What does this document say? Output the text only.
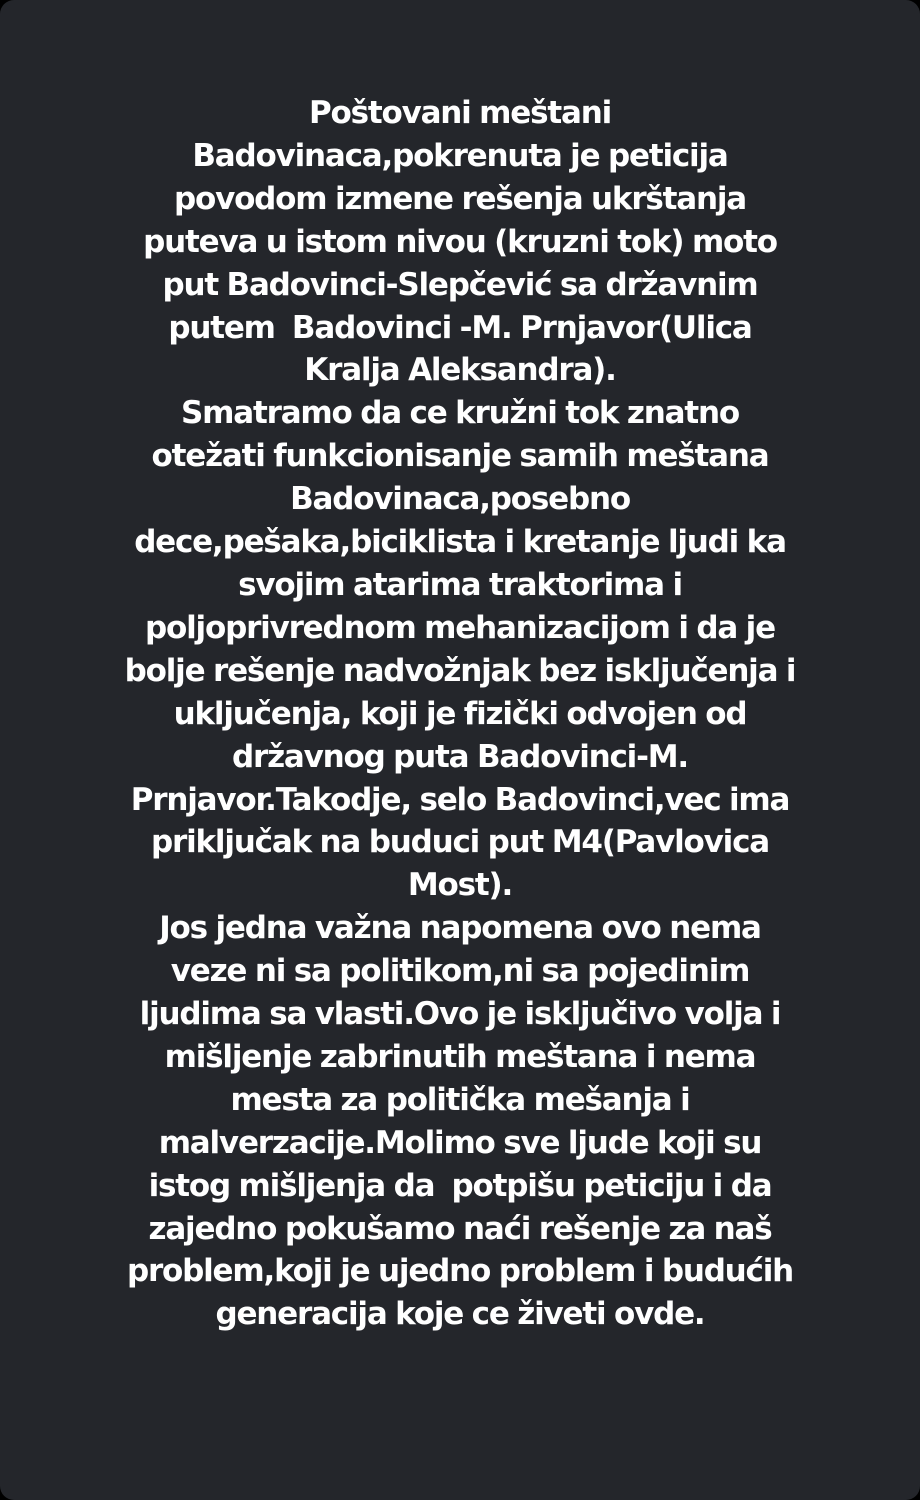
Poštovani meštani
Badovinaca,pokrenuta je peticija
povodom izmene rešenja ukrštanja
puteva u istom nivou (kruzni tok) moto
put Badovinci-Slepčević sa državnim
putem  Badovinci -M. Prnjavor(Ulica
Kralja Aleksandra).
Smatramo da ce kružni tok znatno
otežati funkcionisanje samih meštana
Badovinaca,posebno
dece,pešaka,biciklista i kretanje ljudi ka
svojim atarima traktorima i
poljoprivrednom mehanizacijom i da je
bolje rešenje nadvožnjak bez isključenja i
uključenja, koji je fizički odvojen od
državnog puta Badovinci-M.
Prnjavor.Takodje, selo Badovinci,vec ima
priključak na buduci put M4(Pavlovica
Most).
Jos jedna važna napomena ovo nema
veze ni sa politikom,ni sa pojedinim
ljudima sa vlasti.Ovo je isključivo volja i
mišljenje zabrinutih meštana i nema
mesta za politička mešanja i
malverzacije.Molimo sve ljude koji su
istog mišljenja da  potpišu peticiju i da
zajedno pokušamo naći rešenje za naš
problem,koji je ujedno problem i budućih
generacija koje ce živeti ovde.
